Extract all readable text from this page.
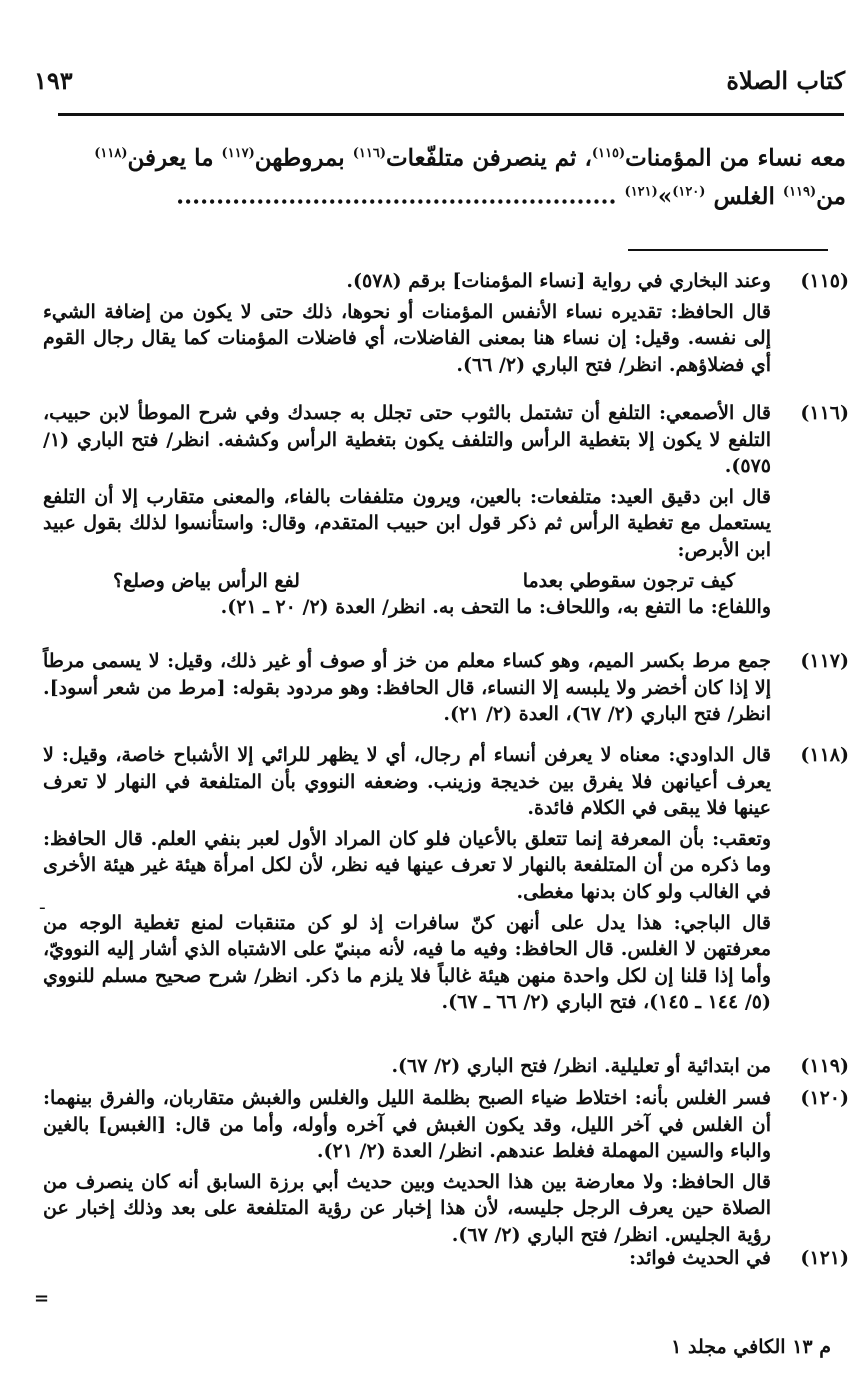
كتاب الصلاة
١٩٣
معه نساء من المؤمنات$^{(١١٥)}$، ثم ينصرفن متلفّعات$^{(١١٦)}$ بمروطهن$^{(١١٧)}$ ما يعرفن$^{(١١٨)}$
من$^{(١١٩)}$ الغلس $^{(١٢٠)}$»$^{(١٢١)}$ .......................................................
(١١٥)

وعند البخاري في رواية [نساء المؤمنات] برقم (٥٧٨).

قال الحافظ: تقديره نساء الأنفس المؤمنات أو نحوها، ذلك حتى لا يكون من إضافة الشيء إلى نفسه. وقيل: إن نساء هنا بمعنى الفاضلات، أي فاضلات المؤمنات كما يقال رجال القوم أي فضلاؤهم. انظر/ فتح الباري (٢/ ٦٦).

(١١٦)

قال الأصمعي: التلفع أن تشتمل بالثوب حتى تجلل به جسدك وفي شرح الموطأ لابن حبيب، التلفع لا يكون إلا بتغطية الرأس والتلفف يكون بتغطية الرأس وكشفه. انظر/ فتح الباري (١/ ٥٧٥).

قال ابن دقيق العيد: متلفعات: بالعين، ويرون متلففات بالفاء، والمعنى متقارب إلا أن التلفع يستعمل مع تغطية الرأس ثم ذكر قول ابن حبيب المتقدم، وقال: واستأنسوا لذلك بقول عبيد ابن الأبرص:

كيف ترجون سقوطي بعدما
لفع الرأس بياض وصلع؟

واللفاع: ما التفع به، واللحاف: ما التحف به. انظر/ العدة (٢/ ٢٠ ـ ٢١).

(١١٧)

جمع مرط بكسر الميم، وهو كساء معلم من خز أو صوف أو غير ذلك، وقيل: لا يسمى مرطاً إلا إذا كان أخضر ولا يلبسه إلا النساء، قال الحافظ: وهو مردود بقوله: [مرط من شعر أسود]. انظر/ فتح الباري (٢/ ٦٧)، العدة (٢/ ٢١).

(١١٨)

قال الداودي: معناه لا يعرفن أنساء أم رجال، أي لا يظهر للرائي إلا الأشباح خاصة، وقيل: لا يعرف أعيانهن فلا يفرق بين خديجة وزينب. وضعفه النووي بأن المتلفعة في النهار لا تعرف عينها فلا يبقى في الكلام فائدة.

وتعقب: بأن المعرفة إنما تتعلق بالأعيان فلو كان المراد الأول لعبر بنفي العلم. قال الحافظ: وما ذكره من أن المتلفعة بالنهار لا تعرف عينها فيه نظر، لأن لكل امرأة هيئة غير هيئة الأخرى في الغالب ولو كان بدنها مغطى.

قال الباجي: هذا يدل على أنهن كنّ سافرات إذ لو كن متنقبات لمنع تغطية الوجه من معرفتهن لا الغلس. قال الحافظ: وفيه ما فيه، لأنه مبنيّ على الاشتباه الذي أشار إليه النوويّ، وأما إذا قلنا إن لكل واحدة منهن هيئة غالباً فلا يلزم ما ذكر. انظر/ شرح صحيح مسلم للنووي (٥/ ١٤٤ ـ ١٤٥)، فتح الباري (٢/ ٦٦ ـ ٦٧).

(١١٩)

من ابتدائية أو تعليلية. انظر/ فتح الباري (٢/ ٦٧).

(١٢٠)

فسر الغلس بأنه: اختلاط ضياء الصبح بظلمة الليل والغلس والغبش متقاربان، والفرق بينهما: أن الغلس في آخر الليل، وقد يكون الغبش في آخره وأوله، وأما من قال: [الغبس] بالغين والباء والسين المهملة فغلط عندهم. انظر/ العدة (٢/ ٢١).

قال الحافظ: ولا معارضة بين هذا الحديث وبين حديث أبي برزة السابق أنه كان ينصرف من الصلاة حين يعرف الرجل جليسه، لأن هذا إخبار عن رؤية المتلفعة على بعد وذلك إخبار عن رؤية الجليس. انظر/ فتح الباري (٢/ ٦٧).

(١٢١)

في الحديث فوائد:

=
ـ
م ١٣ الكافي مجلد ١
